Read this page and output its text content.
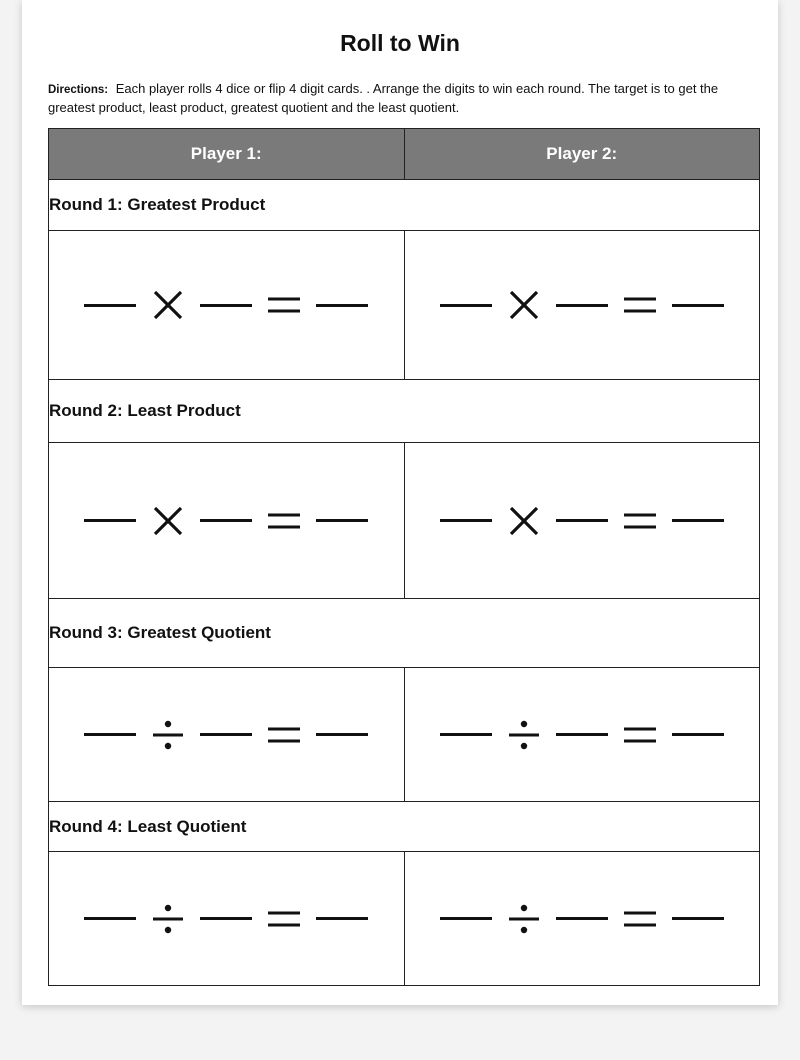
Roll to Win
Directions: Each player rolls 4 dice or flip 4 digit cards. . Arrange the digits to win each round. The target is to get the greatest product, least product, greatest quotient and the least quotient.
Player 1:	Player 2:
Round 1: Greatest Product	

Round 2: Least Product	

Round 3: Greatest Quotient	

Round 4: Least Quotient	
